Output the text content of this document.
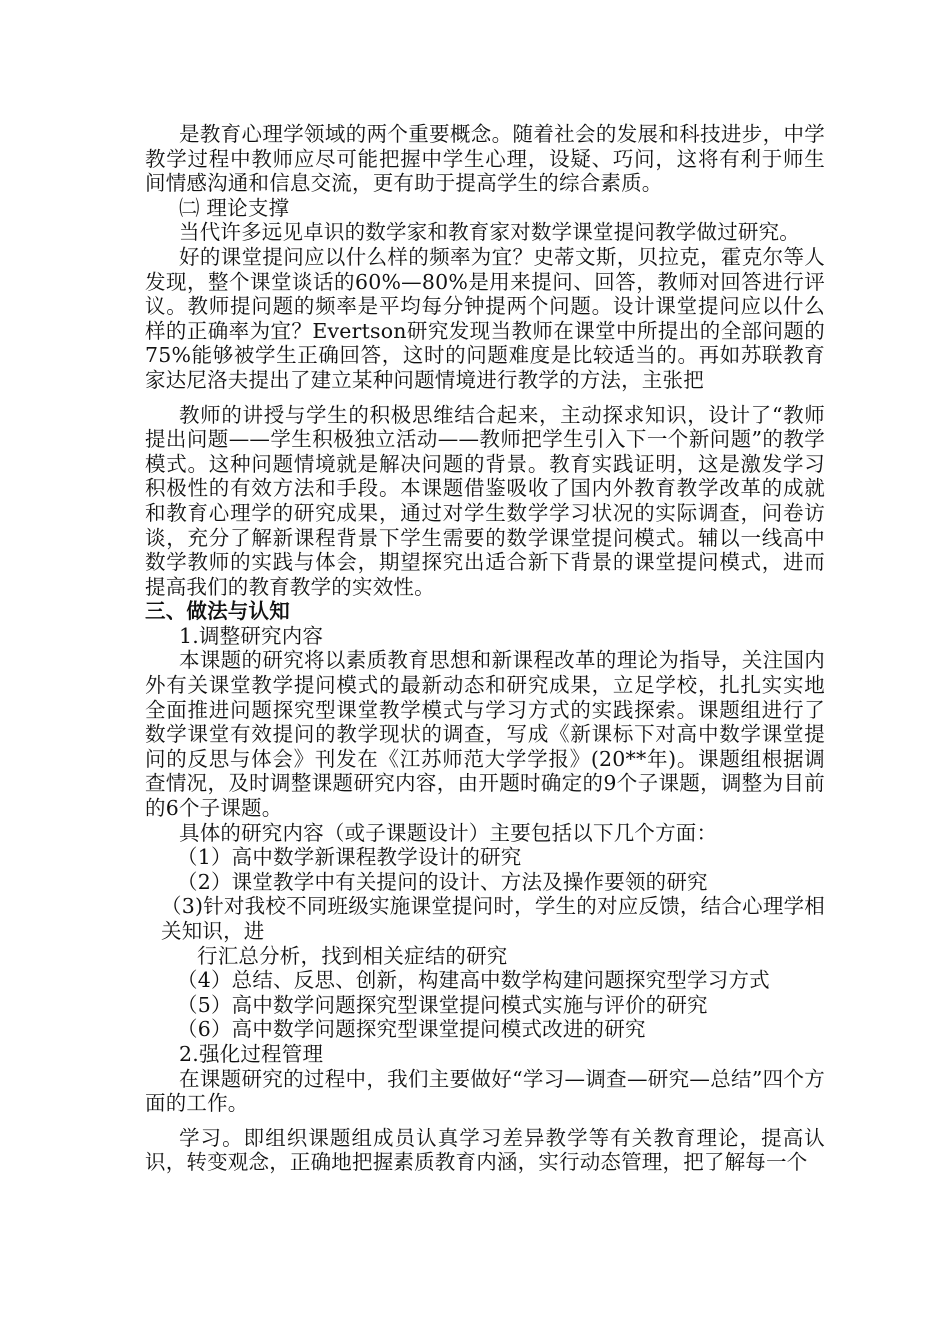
是教育心理学领域的两个重要概念。随着社会的发展和科技进步，中学教学过程中教师应尽可能把握中学生心理，设疑、巧问，这将有利于师生间情感沟通和信息交流，更有助于提高学生的综合素质。

㈡ 理论支撑

当代许多远见卓识的数学家和教育家对数学课堂提问教学做过研究。

好的课堂提问应以什么样的频率为宜？史蒂文斯，贝拉克，霍克尔等人发现，整个课堂谈话的60%—80%是用来提问、回答，教师对回答进行评议。教师提问题的频率是平均每分钟提两个问题。设计课堂提问应以什么样的正确率为宜？Evertson研究发现当教师在课堂中所提出的全部问题的75%能够被学生正确回答，这时的问题难度是比较适当的。再如苏联教育家达尼洛夫提出了建立某种问题情境进行教学的方法，主张把

教师的讲授与学生的积极思维结合起来，主动探求知识，设计了“教师提出问题——学生积极独立活动——教师把学生引入下一个新问题”的教学模式。这种问题情境就是解决问题的背景。教育实践证明，这是激发学习积极性的有效方法和手段。本课题借鉴吸收了国内外教育教学改革的成就和教育心理学的研究成果，通过对学生数学学习状况的实际调查，问卷访谈，充分了解新课程背景下学生需要的数学课堂提问模式。辅以一线高中数学教师的实践与体会，期望探究出适合新下背景的课堂提问模式，进而提高我们的教育教学的实效性。

三、做法与认知

1.调整研究内容

本课题的研究将以素质教育思想和新课程改革的理论为指导，关注国内外有关课堂教学提问模式的最新动态和研究成果，立足学校，扎扎实实地全面推进问题探究型课堂教学模式与学习方式的实践探索。课题组进行了数学课堂有效提问的教学现状的调查，写成《新课标下对高中数学课堂提问的反思与体会》刊发在《江苏师范大学学报》(20**年)。课题组根据调查情况，及时调整课题研究内容，由开题时确定的9个子课题，调整为目前的6个子课题。

具体的研究内容（或子课题设计）主要包括以下几个方面：

（1）高中数学新课程教学设计的研究

（2）课堂教学中有关提问的设计、方法及操作要领的研究

（3)针对我校不同班级实施课堂提问时，学生的对应反馈，结合心理学相关知识，进

行汇总分析，找到相关症结的研究

（4）总结、反思、创新，构建高中数学构建问题探究型学习方式

（5）高中数学问题探究型课堂提问模式实施与评价的研究

（6）高中数学问题探究型课堂提问模式改进的研究

2.强化过程管理

在课题研究的过程中，我们主要做好“学习—调查—研究—总结”四个方面的工作。

学习。即组织课题组成员认真学习差异教学等有关教育理论，提高认识，转变观念，正确地把握素质教育内涵，实行动态管理，把了解每一个
